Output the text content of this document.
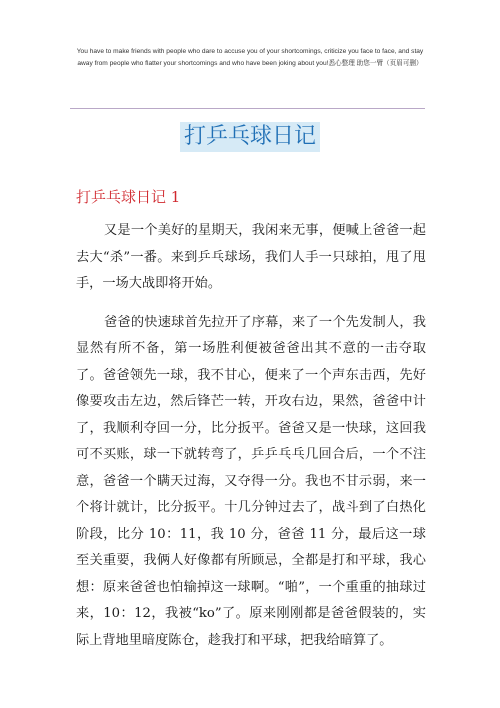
You have to make friends with people who dare to accuse you of your shortcomings, criticize you face to face, and stay away from people who flatter your shortcomings and who have been joking about you!悉心整理 助您一臂（页眉可删）
打乒乓球日记
打乒乓球日记 1

又是一个美好的星期天，我闲来无事，便喊上爸爸一起去大“杀”一番。来到乒乓球场，我们人手一只球拍，甩了甩手，一场大战即将开始。

爸爸的快速球首先拉开了序幕，来了一个先发制人，我显然有所不备，第一场胜利便被爸爸出其不意的一击夺取了。爸爸领先一球，我不甘心，便来了一个声东击西，先好像要攻击左边，然后锋芒一转，开攻右边，果然，爸爸中计了，我顺利夺回一分，比分扳平。爸爸又是一快球，这回我可不买账，球一下就转弯了，乒乒乓乓几回合后，一个不注意，爸爸一个瞒天过海，又夺得一分。我也不甘示弱，来一个将计就计，比分扳平。十几分钟过去了，战斗到了白热化阶段，比分 10：11，我 10 分，爸爸 11 分，最后这一球至关重要，我俩人好像都有所顾忌，全都是打和平球，我心想：原来爸爸也怕输掉这一球啊。“啪”，一个重重的抽球过来，10：12，我被“ko”了。原来刚刚都是爸爸假装的，实际上背地里暗度陈仓，趁我打和平球，把我给暗算了。
